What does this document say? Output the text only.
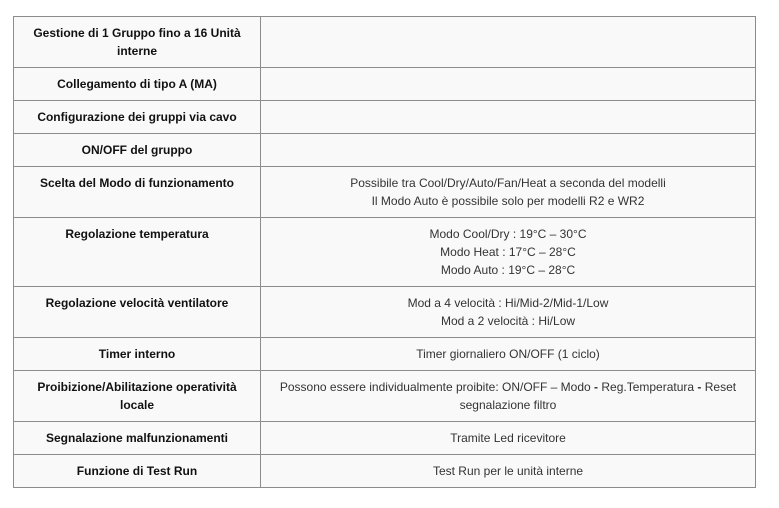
Gestione di 1 Gruppo fino a 16 Unità interne	
Collegamento di tipo A (MA)	
Configurazione dei gruppi via cavo	
ON/OFF del gruppo	
Scelta del Modo di funzionamento	Possibile tra Cool/Dry/Auto/Fan/Heat a seconda del modelli
Il Modo Auto è possibile solo per modelli R2 e WR2

Regolazione temperatura	Modo Cool/Dry : 19°C – 30°C
Modo Heat : 17°C – 28°C
Modo Auto : 19°C – 28°C

Regolazione velocità ventilatore	Mod a 4 velocità : Hi/Mid-2/Mid-1/Low
Mod a 2 velocità : Hi/Low

Timer interno	Timer giornaliero ON/OFF (1 ciclo)

Proibizione/Abilitazione operatività locale	Possono essere individualmente proibite: ON/OFF – Modo - Reg.Temperatura - Reset segnalazione filtro
Segnalazione malfunzionamenti	Tramite Led ricevitore

Funzione di Test Run	Test Run per le unità interne
